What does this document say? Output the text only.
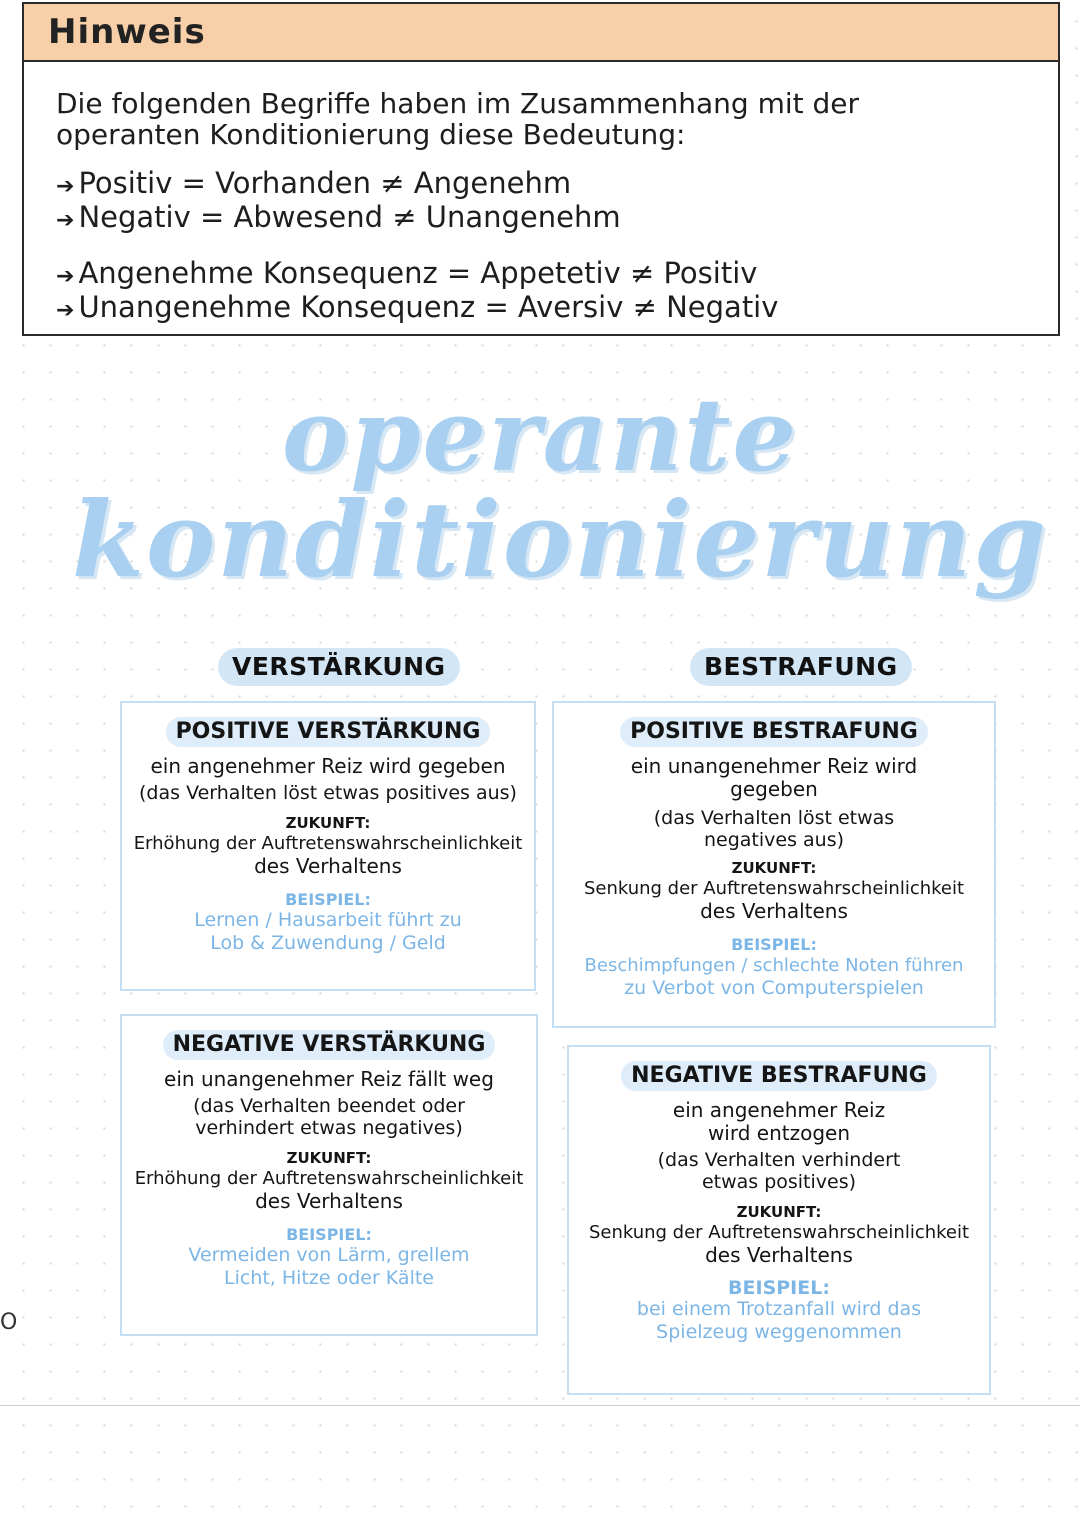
Hinweis
Die folgenden Begriffe haben im Zusammenhang mit der
operanten Konditionierung diese Bedeutung:

➔ Positiv = Vorhanden ≠ Angenehm

➔ Negativ = Abwesend ≠ Unangenehm

➔ Angenehme Konsequenz = Appetetiv ≠ Positiv

➔ Unangenehme Konsequenz = Aversiv ≠ Negativ

operante
konditionierung
VERSTÄRKUNG	BESTRAFUNG
POSITIVE VERSTÄRKUNG

ein angenehmer Reiz wird gegeben

(das Verhalten löst etwas positives aus)

ZUKUNFT:

Erhöhung der Auftretenswahrscheinlichkeit

des Verhaltens

BEISPIEL:

Lernen / Hausarbeit führt zu

Lob & Zuwendung / Geld

POSITIVE BESTRAFUNG

ein unangenehmer Reiz wird

gegeben

(das Verhalten löst etwas

negatives aus)

ZUKUNFT:

Senkung der Auftretenswahrscheinlichkeit

des Verhaltens

BEISPIEL:

Beschimpfungen / schlechte Noten führen

zu Verbot von Computerspielen

NEGATIVE VERSTÄRKUNG

ein unangenehmer Reiz fällt weg

(das Verhalten beendet oder

verhindert etwas negatives)

ZUKUNFT:

Erhöhung der Auftretenswahrscheinlichkeit

des Verhaltens

BEISPIEL:

Vermeiden von Lärm, grellem

Licht, Hitze oder Kälte

NEGATIVE BESTRAFUNG

ein angenehmer Reiz

wird entzogen

(das Verhalten verhindert

etwas positives)

ZUKUNFT:

Senkung der Auftretenswahrscheinlichkeit

des Verhaltens

BEISPIEL:

bei einem Trotzanfall wird das

Spielzeug weggenommen

O
